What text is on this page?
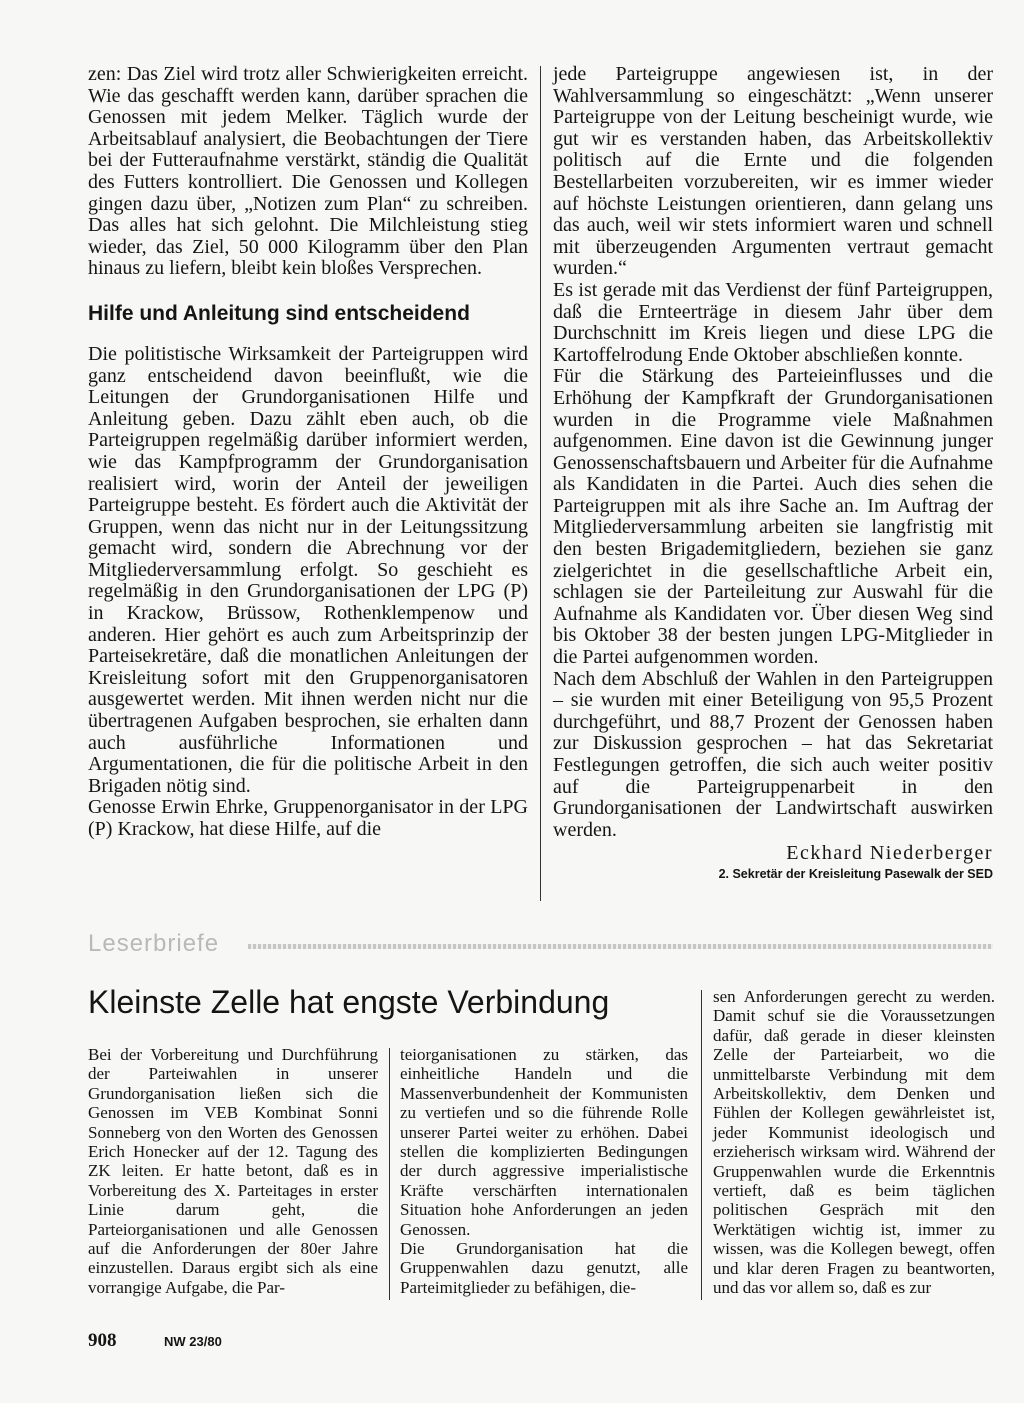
zen: Das Ziel wird trotz aller Schwierigkeiten erreicht. Wie das geschafft werden kann, darüber sprachen die Genossen mit jedem Melker. Täglich wurde der Arbeitsablauf analysiert, die Beobachtungen der Tiere bei der Futteraufnahme verstärkt, ständig die Qualität des Futters kontrolliert. Die Genossen und Kollegen gingen dazu über, „Notizen zum Plan“ zu schreiben. Das alles hat sich gelohnt. Die Milchleistung stieg wieder, das Ziel, 50 000 Kilogramm über den Plan hinaus zu liefern, bleibt kein bloßes Versprechen.

Hilfe und Anleitung sind entscheidend

Die politistische Wirksamkeit der Parteigruppen wird ganz entscheidend davon beeinflußt, wie die Leitungen der Grundorganisationen Hilfe und Anleitung geben. Dazu zählt eben auch, ob die Parteigruppen regelmäßig darüber informiert werden, wie das Kampfprogramm der Grundorganisation realisiert wird, worin der Anteil der jeweiligen Parteigruppe besteht. Es fördert auch die Aktivität der Gruppen, wenn das nicht nur in der Leitungssitzung gemacht wird, sondern die Abrechnung vor der Mitgliederversammlung erfolgt. So geschieht es regelmäßig in den Grundorganisationen der LPG (P) in Krackow, Brüssow, Rothenklempenow und anderen. Hier gehört es auch zum Arbeitsprinzip der Parteisekretäre, daß die monatlichen Anleitungen der Kreisleitung sofort mit den Gruppenorganisatoren ausgewertet werden. Mit ihnen werden nicht nur die übertragenen Aufgaben besprochen, sie erhalten dann auch ausführliche Informationen und Argumentationen, die für die politische Arbeit in den Brigaden nötig sind.

Genosse Erwin Ehrke, Gruppenorganisator in der LPG (P) Krackow, hat diese Hilfe, auf die

jede Parteigruppe angewiesen ist, in der Wahlversammlung so eingeschätzt: „Wenn unserer Parteigruppe von der Leitung bescheinigt wurde, wie gut wir es verstanden haben, das Arbeitskollektiv politisch auf die Ernte und die folgenden Bestellarbeiten vorzubereiten, wir es immer wieder auf höchste Leistungen orientieren, dann gelang uns das auch, weil wir stets informiert waren und schnell mit überzeugenden Argumenten vertraut gemacht wurden.“

Es ist gerade mit das Verdienst der fünf Parteigruppen, daß die Ernteerträge in diesem Jahr über dem Durchschnitt im Kreis liegen und diese LPG die Kartoffelrodung Ende Oktober abschließen konnte.

Für die Stärkung des Parteieinflusses und die Erhöhung der Kampfkraft der Grundorganisationen wurden in die Programme viele Maßnahmen aufgenommen. Eine davon ist die Gewinnung junger Genossenschaftsbauern und Arbeiter für die Aufnahme als Kandidaten in die Partei. Auch dies sehen die Parteigruppen mit als ihre Sache an. Im Auftrag der Mitgliederversammlung arbeiten sie langfristig mit den besten Brigademitgliedern, beziehen sie ganz zielgerichtet in die gesellschaftliche Arbeit ein, schlagen sie der Parteileitung zur Auswahl für die Aufnahme als Kandidaten vor. Über diesen Weg sind bis Oktober 38 der besten jungen LPG-Mitglieder in die Partei aufgenommen worden.

Nach dem Abschluß der Wahlen in den Parteigruppen – sie wurden mit einer Beteiligung von 95,5 Prozent durchgeführt, und 88,7 Prozent der Genossen haben zur Diskussion gesprochen – hat das Sekretariat Festlegungen getroffen, die sich auch weiter positiv auf die Parteigruppenarbeit in den Grundorganisationen der Landwirtschaft auswirken werden.

Eckhard Niederberger

2. Sekretär der Kreisleitung Pasewalk der SED

Leserbriefe
Kleinste Zelle hat engste Verbindung

Bei der Vorbereitung und Durchführung der Parteiwahlen in unserer Grundorganisation ließen sich die Genossen im VEB Kombinat Sonni Sonneberg von den Worten des Genossen Erich Honecker auf der 12. Tagung des ZK leiten. Er hatte betont, daß es in Vorbereitung des X. Parteitages in erster Linie darum geht, die Parteiorganisationen und alle Genossen auf die Anforderungen der 80er Jahre einzustellen. Daraus ergibt sich als eine vorrangige Aufgabe, die Par-

teiorganisationen zu stärken, das einheitliche Handeln und die Massenverbundenheit der Kommunisten zu vertiefen und so die führende Rolle unserer Partei weiter zu erhöhen. Dabei stellen die komplizierten Bedingungen der durch aggressive imperialistische Kräfte verschärften internationalen Situation hohe Anforderungen an jeden Genossen.

Die Grundorganisation hat die Gruppenwahlen dazu genutzt, alle Parteimitglieder zu befähigen, die-

sen Anforderungen gerecht zu werden. Damit schuf sie die Voraussetzungen dafür, daß gerade in dieser kleinsten Zelle der Parteiarbeit, wo die unmittelbarste Verbindung mit dem Arbeitskollektiv, dem Denken und Fühlen der Kollegen gewährleistet ist, jeder Kommunist ideologisch und erzieherisch wirksam wird. Während der Gruppenwahlen wurde die Erkenntnis vertieft, daß es beim täglichen politischen Gespräch mit den Werktätigen wichtig ist, immer zu wissen, was die Kollegen bewegt, offen und klar deren Fragen zu beantworten, und das vor allem so, daß es zur

908	NW 23/80
